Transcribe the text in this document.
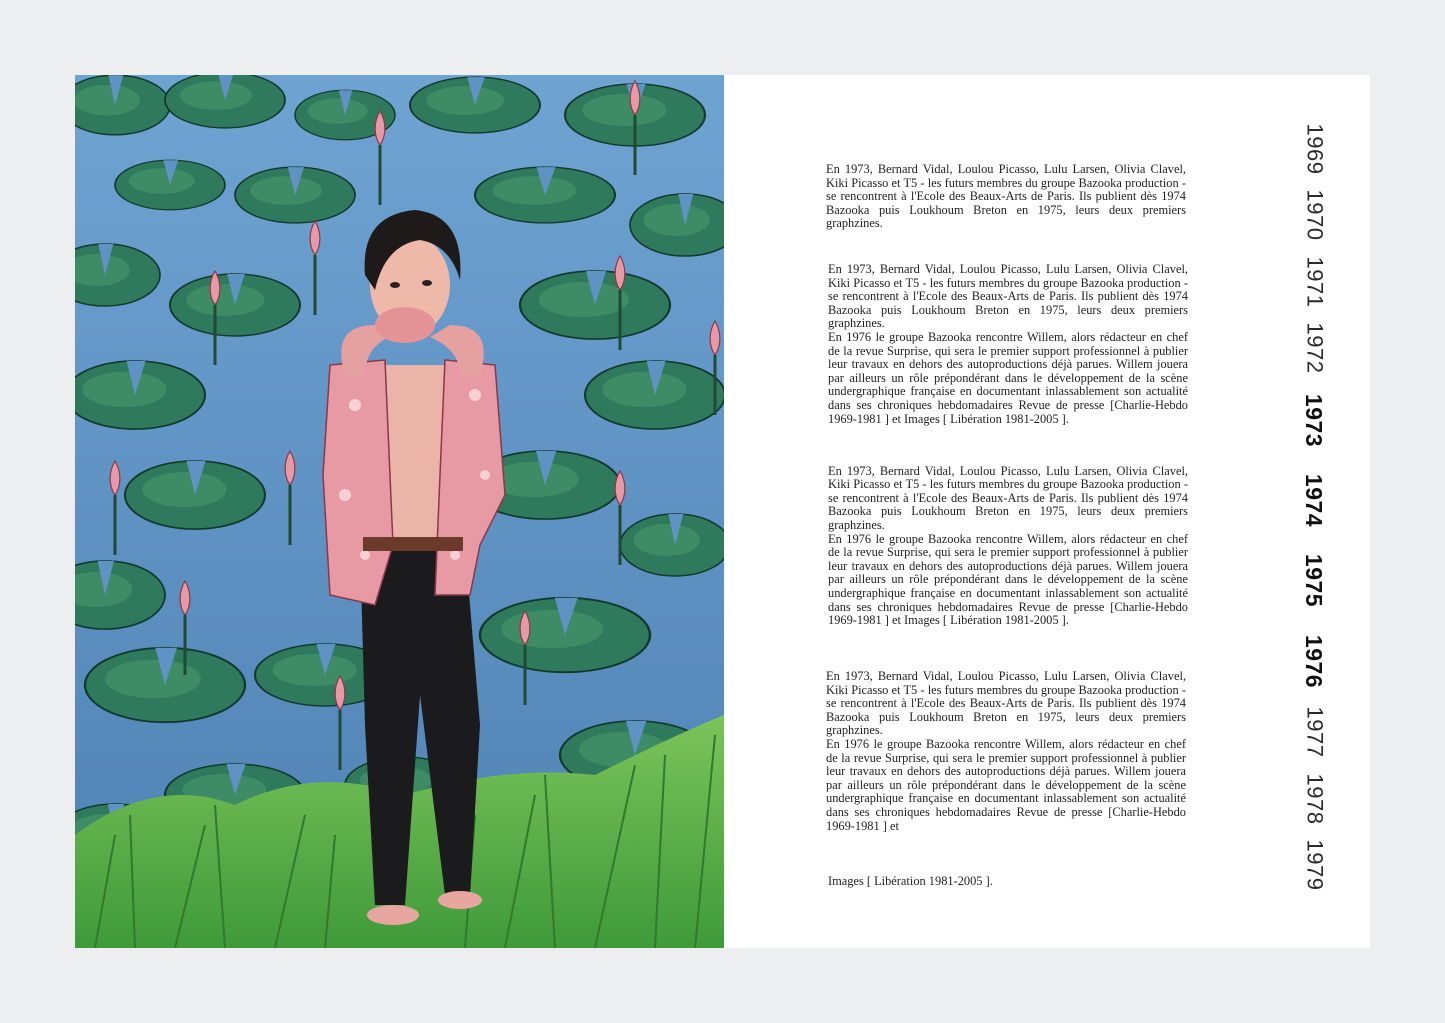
En 1973, Bernard Vidal, Loulou Picasso, Lulu Larsen, Olivia Clavel, Kiki Picasso et T5 - les futurs membres du groupe Bazooka production - se rencontrent à l'Ecole des Beaux-Arts de Paris. Ils publient dès 1974 Bazooka puis Loukhoum Breton en 1975, leurs deux premiers graphzines.
En 1973, Bernard Vidal, Loulou Picasso, Lulu Larsen, Olivia Clavel, Kiki Picasso et T5 - les futurs membres du groupe Bazooka production - se rencontrent à l'Ecole des Beaux-Arts de Paris. Ils publient dès 1974 Bazooka puis Loukhoum Breton en 1975, leurs deux premiers graphzines.
En 1976 le groupe Bazooka rencontre Willem, alors rédacteur en chef de la revue Surprise, qui sera le premier support professionnel à publier leur travaux en dehors des autoproductions déjà parues. Willem jouera par ailleurs un rôle prépondérant dans le développement de la scène undergraphique française en documentant inlassablement son actualité dans ses chroniques hebdomadaires Revue de presse [Charlie-Hebdo 1969-1981 ] et Images [ Libération 1981-2005 ].

En 1973, Bernard Vidal, Loulou Picasso, Lulu Larsen, Olivia Clavel, Kiki Picasso et T5 - les futurs membres du groupe Bazooka production - se rencontrent à l'Ecole des Beaux-Arts de Paris. Ils publient dès 1974 Bazooka puis Loukhoum Breton en 1975, leurs deux premiers graphzines.
En 1976 le groupe Bazooka rencontre Willem, alors rédacteur en chef de la revue Surprise, qui sera le premier support professionnel à publier leur travaux en dehors des autoproductions déjà parues. Willem jouera par ailleurs un rôle prépondérant dans le développement de la scène undergraphique française en documentant inlassablement son actualité dans ses chroniques hebdomadaires Revue de presse [Charlie-Hebdo 1969-1981 ] et Images [ Libération 1981-2005 ].

En 1973, Bernard Vidal, Loulou Picasso, Lulu Larsen, Olivia Clavel, Kiki Picasso et T5 - les futurs membres du groupe Bazooka production - se rencontrent à l'Ecole des Beaux-Arts de Paris. Ils publient dès 1974 Bazooka puis Loukhoum Breton en 1975, leurs deux premiers graphzines.
En 1976 le groupe Bazooka rencontre Willem, alors rédacteur en chef de la revue Surprise, qui sera le premier support professionnel à publier leur travaux en dehors des autoproductions déjà parues. Willem jouera par ailleurs un rôle prépondérant dans le développement de la scène undergraphique française en documentant inlassablement son actualité dans ses chroniques hebdomadaires Revue de presse [Charlie-Hebdo 1969-1981 ] et
Images [ Libération 1981-2005 ].
1969
1970
1971
1972
1973
1974
1975
1976
1977
1978
1979
